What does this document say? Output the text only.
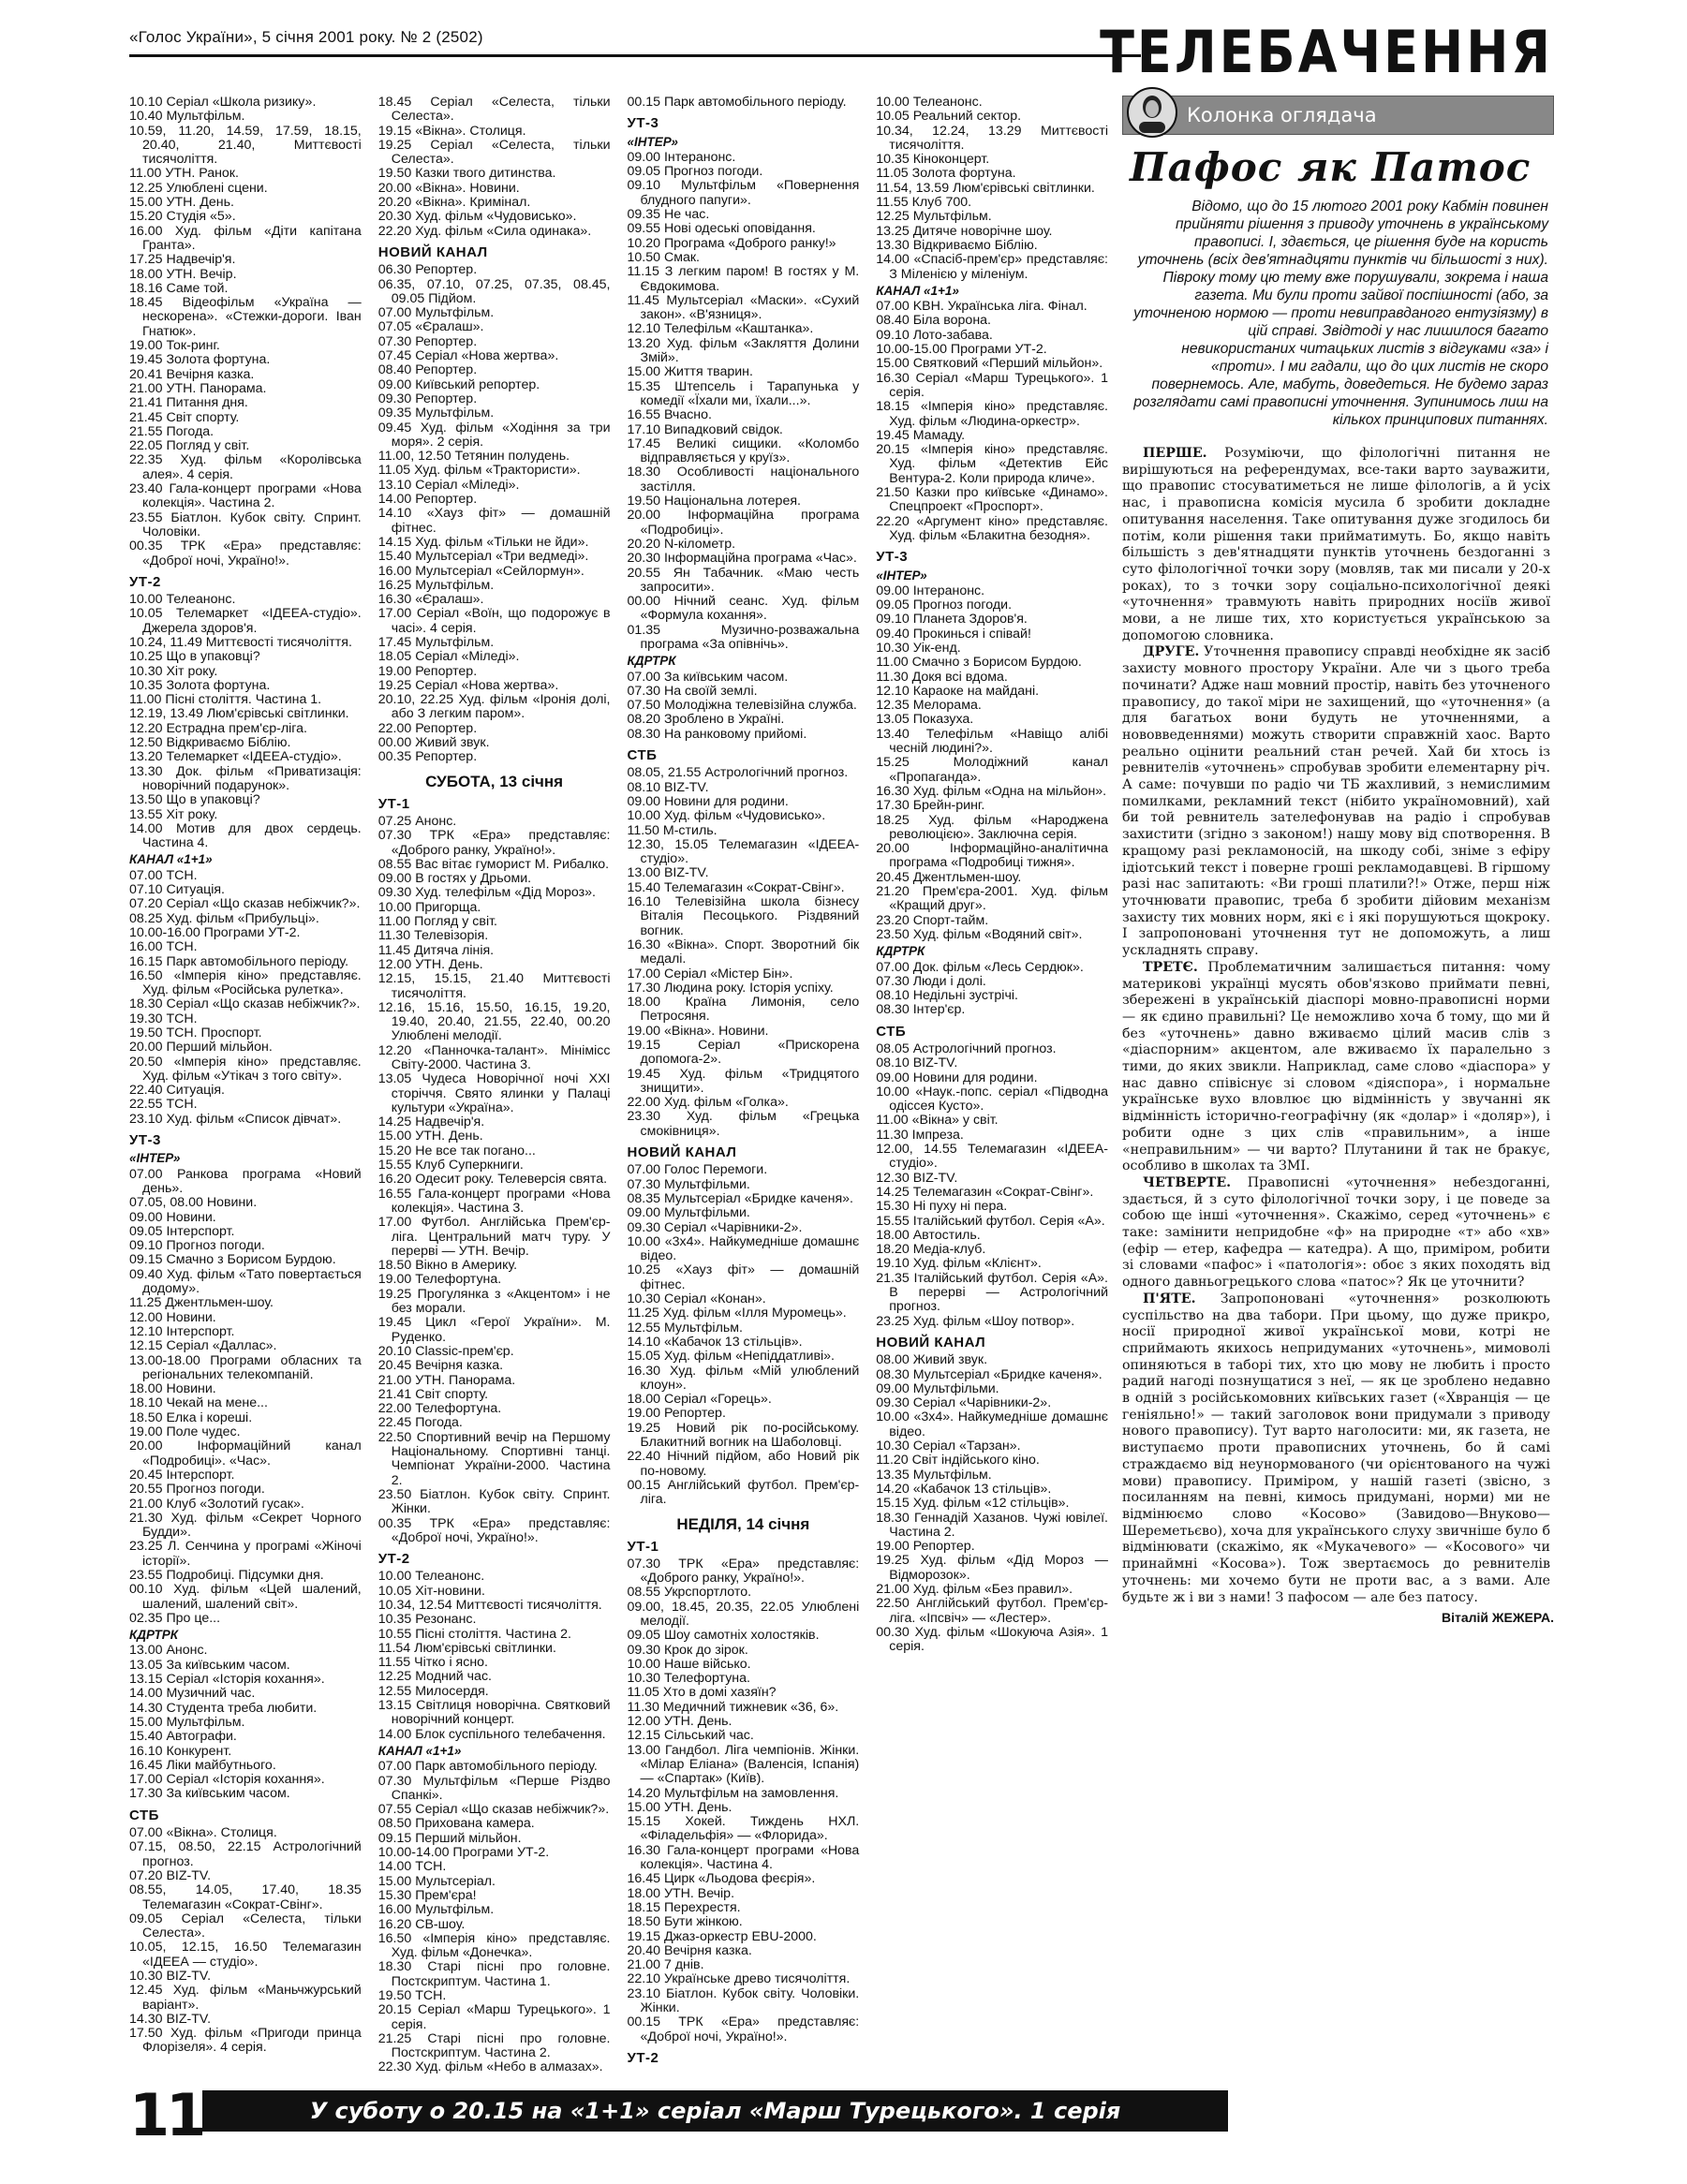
«Голос України», 5 січня 2001 року. № 2 (2502)	ТЕЛЕБАЧЕННЯ
10.10 Серіал «Школа ризику».
10.40 Мультфільм.
10.59, 11.20, 14.59, 17.59, 18.15, 20.40, 21.40, Миттєвості тисячоліття.
11.00 УТН. Ранок.
12.25 Улюблені сцени.
15.00 УТН. День.
15.20 Студія «5».
16.00 Худ. фільм «Діти капітана Гранта».
17.25 Надвечір'я.
18.00 УТН. Вечір.
18.16 Саме той.
18.45 Відеофільм «Україна — нескорена». «Стежки-дороги. Іван Гнатюк».
19.00 Ток-ринг.
19.45 Золота фортуна.
20.41 Вечірня казка.
21.00 УТН. Панорама.
21.41 Питання дня.
21.45 Світ спорту.
21.55 Погода.
22.05 Погляд у світ.
22.35 Худ. фільм «Королівська алея». 4 серія.
23.40 Гала-концерт програми «Нова колекція». Частина 2.
23.55 Біатлон. Кубок світу. Спринт. Чоловіки.
00.35 ТРК «Ера» представляє: «Доброї ночі, Україно!».
УТ-2
10.00 Телеанонс.
10.05 Телемаркет «ІДЕЕА-студіо». Джерела здоров'я.
10.24, 11.49 Миттєвості тисячоліття.
10.25 Що в упаковці?
10.30 Хіт року.
10.35 Золота фортуна.
11.00 Пісні століття. Частина 1.
12.19, 13.49 Люм'єрівські світлинки.
12.20 Естрадна прем'єр-ліга.
12.50 Відкриваємо Біблію.
13.20 Телемаркет «ІДЕЕА-студіо».
13.30 Док. фільм «Приватизація: новорічний подарунок».
13.50 Що в упаковці?
13.55 Хіт року.
14.00 Мотив для двох сердець. Частина 4.
КАНАЛ «1+1»
07.00 ТСН.
07.10 Ситуація.
07.20 Серіал «Що сказав небіжчик?».
08.25 Худ. фільм «Прибульці».
10.00-16.00 Програми УТ-2.
16.00 ТСН.
16.15 Парк автомобільного періоду.
16.50 «Імперія кіно» представляє. Худ. фільм «Російська рулетка».
18.30 Серіал «Що сказав небіжчик?».
19.30 ТСН.
19.50 ТСН. Проспорт.
20.00 Перший мільйон.
20.50 «Імперія кіно» представляє. Худ. фільм «Утікач з того світу».
22.40 Ситуація.
22.55 ТСН.
23.10 Худ. фільм «Список дівчат».
УТ-3
«ІНТЕР»
07.00 Ранкова програма «Новий день».
07.05, 08.00 Новини.
09.00 Новини.
09.05 Інтерспорт.
09.10 Прогноз погоди.
09.15 Смачно з Борисом Бурдою.
09.40 Худ. фільм «Тато повертається додому».
11.25 Джентльмен-шоу.
12.00 Новини.
12.10 Інтерспорт.
12.15 Серіал «Даллас».
13.00-18.00 Програми обласних та регіональних телекомпаній.
18.00 Новини.
18.10 Чекай на мене...
18.50 Елка і кореші.
19.00 Поле чудес.
20.00 Інформаційний канал «Подробиці». «Час».
20.45 Інтерспорт.
20.55 Прогноз погоди.
21.00 Клуб «Золотий гусак».
21.30 Худ. фільм «Секрет Чорного Будди».
23.25 Л. Сенчина у програмі «Жіночі історії».
23.55 Подробиці. Підсумки дня.
00.10 Худ. фільм «Цей шалений, шалений, шалений світ».
02.35 Про це...
КДРТРК
13.00 Анонс.
13.05 За київським часом.
13.15 Серіал «Історія кохання».
14.00 Музичний час.
14.30 Студента треба любити.
15.00 Мультфільм.
15.40 Автографи.
16.10 Конкурент.
16.45 Ліки майбутнього.
17.00 Серіал «Історія кохання».
17.30 За київським часом.
СТБ
07.00 «Вікна». Столиця.
07.15, 08.50, 22.15 Астрологічний прогноз.
07.20 BIZ-TV.
08.55, 14.05, 17.40, 18.35 Телемагазин «Сократ-Свінг».
09.05 Серіал «Селеста, тільки Селеста».
10.05, 12.15, 16.50 Телемагазин «ІДЕЕА — студіо».
10.30 BIZ-TV.
12.45 Худ. фільм «Маньчжурський варіант».
14.30 BIZ-TV.
17.50 Худ. фільм «Пригоди принца Флорізеля». 4 серія.
18.45 Серіал «Селеста, тільки Селеста».
19.15 «Вікна». Столиця.
19.25 Серіал «Селеста, тільки Селеста».
19.50 Казки твого дитинства.
20.00 «Вікна». Новини.
20.20 «Вікна». Кримінал.
20.30 Худ. фільм «Чудовисько».
22.20 Худ. фільм «Сила одинака».
НОВИЙ КАНАЛ
06.30 Репортер.
06.35, 07.10, 07.25, 07.35, 08.45, 09.05 Підйом.
07.00 Мультфільм.
07.05 «Єралаш».
07.30 Репортер.
07.45 Серіал «Нова жертва».
08.40 Репортер.
09.00 Київський репортер.
09.30 Репортер.
09.35 Мультфільм.
09.45 Худ. фільм «Ходіння за три моря». 2 серія.
11.00, 12.50 Тетянин полудень.
11.05 Худ. фільм «Трактористи».
13.10 Серіал «Міледі».
14.00 Репортер.
14.10 «Хауз фіт» — домашній фітнес.
14.15 Худ. фільм «Тільки не йди».
15.40 Мультсеріал «Три ведмеді».
16.00 Мультсеріал «Сейлормун».
16.25 Мультфільм.
16.30 «Єралаш».
17.00 Серіал «Воїн, що подорожує в часі». 4 серія.
17.45 Мультфільм.
18.05 Серіал «Міледі».
19.00 Репортер.
19.25 Серіал «Нова жертва».
20.10, 22.25 Худ. фільм «Іронія долі, або З легким паром».
22.00 Репортер.
00.00 Живий звук.
00.35 Репортер.
СУБОТА, 13 січня
УТ-1
07.25 Анонс.
07.30 ТРК «Ера» представляє: «Доброго ранку, Україно!».
08.55 Вас вітає гуморист М. Рибалко.
09.00 В гостях у Дрьоми.
09.30 Худ. телефільм «Дід Мороз».
10.00 Пригорща.
11.00 Погляд у світ.
11.30 Телевізорія.
11.45 Дитяча лінія.
12.00 УТН. День.
12.15, 15.15, 21.40 Миттєвості тисячоліття.
12.16, 15.16, 15.50, 16.15, 19.20, 19.40, 20.40, 21.55, 22.40, 00.20 Улюблені мелодії.
12.20 «Панночка-талант». Мінімісс Світу-2000. Частина 3.
13.05 Чудеса Новорічної ночі XXI сторіччя. Свято ялинки у Палаці культури «Україна».
14.25 Надвечір'я.
15.00 УТН. День.
15.20 Не все так погано...
15.55 Клуб Суперкниги.
16.20 Одесит року. Телеверсія свята.
16.55 Гала-концерт програми «Нова колекція». Частина 3.
17.00 Футбол. Англійська Прем'єр-ліга. Центральний матч туру. У перерві — УТН. Вечір.
18.50 Вікно в Америку.
19.00 Телефортуна.
19.25 Прогулянка з «Акцентом» і не без морали.
19.45 Цикл «Герої України». М. Руденко.
20.10 Classic-прем'єр.
20.45 Вечірня казка.
21.00 УТН. Панорама.
21.41 Світ спорту.
22.00 Телефортуна.
22.45 Погода.
22.50 Спортивний вечір на Першому Національному. Спортивні танці. Чемпіонат України-2000. Частина 2.
23.50 Біатлон. Кубок світу. Спринт. Жінки.
00.35 ТРК «Ера» представляє: «Доброї ночі, Україно!».
УТ-2
10.00 Телеанонс.
10.05 Хіт-новини.
10.34, 12.54 Миттєвості тисячоліття.
10.35 Резонанс.
10.55 Пісні століття. Частина 2.
11.54 Люм'єрівські світлинки.
11.55 Чітко і ясно.
12.25 Модний час.
12.55 Милосердя.
13.15 Світлиця новорічна. Святковий новорічний концерт.
14.00 Блок суспільного телебачення.
КАНАЛ «1+1»
07.00 Парк автомобільного періоду.
07.30 Мультфільм «Перше Різдво Спанкі».
07.55 Серіал «Що сказав небіжчик?».
08.50 Прихована камера.
09.15 Перший мільйон.
10.00-14.00 Програми УТ-2.
14.00 ТСН.
15.00 Мультсеріал.
15.30 Прем'єра!
16.00 Мультфільм.
16.20 СВ-шоу.
16.50 «Імперія кіно» представляє. Худ. фільм «Донечка».
18.30 Старі пісні про головне. Постскриптум. Частина 1.
19.50 ТСН.
20.15 Серіал «Марш Турецького». 1 серія.
21.25 Старі пісні про головне. Постскриптум. Частина 2.
22.30 Худ. фільм «Небо в алмазах».
00.15 Парк автомобільного періоду.
УТ-3
«ІНТЕР»
09.00 Інтеранонс.
09.05 Прогноз погоди.
09.10 Мультфільм «Повернення блудного папуги».
09.35 Не час.
09.55 Нові одеські оповідання.
10.20 Програма «Доброго ранку!»
10.50 Смак.
11.15 З легким паром! В гостях у М. Євдокимова.
11.45 Мультсеріал «Маски». «Сухий закон». «В'язниця».
12.10 Телефільм «Каштанка».
13.20 Худ. фільм «Закляття Долини Змій».
15.00 Життя тварин.
15.35 Штепсель і Тарапунька у комедії «Їхали ми, їхали...».
16.55 Вчасно.
17.10 Випадковий свідок.
17.45 Великі сищики. «Коломбо відправляється у круїз».
18.30 Особливості національного застілля.
19.50 Національна лотерея.
20.00 Інформаційна програма «Подробиці».
20.20 N-кілометр.
20.30 Інформаційна програма «Час».
20.55 Ян Табачник. «Маю честь запросити».
00.00 Нічний сеанс. Худ. фільм «Формула кохання».
01.35 Музично-розважальна програма «За опівнічь».
КДРТРК
07.00 За київським часом.
07.30 На своїй землі.
07.50 Молодіжна телевізійна служба.
08.20 Зроблено в Україні.
08.30 На ранковому прийомі.
СТБ
08.05, 21.55 Астрологічний прогноз.
08.10 BIZ-TV.
09.00 Новини для родини.
10.00 Худ. фільм «Чудовисько».
11.50 М-стиль.
12.30, 15.05 Телемагазин «ІДЕЕА-студіо».
13.00 BIZ-TV.
15.40 Телемагазин «Сократ-Свінг».
16.10 Телевізійна школа бізнесу Віталія Песоцького. Різдвяний вогник.
16.30 «Вікна». Спорт. Зворотний бік медалі.
17.00 Серіал «Містер Бін».
17.30 Людина року. Історія успіху.
18.00 Країна Лимонія, село Петросяня.
19.00 «Вікна». Новини.
19.15 Серіал «Прискорена допомога-2».
19.45 Худ. фільм «Тридцятого знищити».
22.00 Худ. фільм «Голка».
23.30 Худ. фільм «Грецька смоківниця».
НОВИЙ КАНАЛ
07.00 Голос Перемоги.
07.30 Мультфільми.
08.35 Мультсеріал «Бридке каченя».
09.00 Мультфільми.
09.30 Серіал «Чарівники-2».
10.00 «3х4». Найкумедніше домашнє відео.
10.25 «Хауз фіт» — домашній фітнес.
10.30 Серіал «Конан».
11.25 Худ. фільм «Ілля Муромець».
12.55 Мультфільм.
14.10 «Кабачок 13 стільців».
15.05 Худ. фільм «Непіддатливі».
16.30 Худ. фільм «Мій улюблений клоун».
18.00 Серіал «Горець».
19.00 Репортер.
19.25 Новий рік по-російському. Блакитний вогник на Шаболовці.
22.40 Нічний підйом, або Новий рік по-новому.
00.15 Англійський футбол. Прем'єр-ліга.
НЕДІЛЯ, 14 січня
УТ-1
07.30 ТРК «Ера» представляє: «Доброго ранку, Україно!».
08.55 Укрспортлото.
09.00, 18.45, 20.35, 22.05 Улюблені мелодії.
09.05 Шоу самотніх холостяків.
09.30 Крок до зірок.
10.00 Наше військо.
10.30 Телефортуна.
11.05 Хто в домі хазяїн?
11.30 Медичний тижневик «36, 6».
12.00 УТН. День.
12.15 Сільський час.
13.00 Гандбол. Ліга чемпіонів. Жінки. «Мілар Еліана» (Валенсія, Іспанія) — «Спартак» (Київ).
14.20 Мультфільм на замовлення.
15.00 УТН. День.
15.15 Хокей. Тиждень НХЛ. «Філадельфія» — «Флорида».
16.30 Гала-концерт програми «Нова колекція». Частина 4.
16.45 Цирк «Льодова феєрія».
18.00 УТН. Вечір.
18.15 Перехрестя.
18.50 Бути жінкою.
19.15 Джаз-оркестр EBU-2000.
20.40 Вечірня казка.
21.00 7 днів.
22.10 Українське древо тисячоліття.
23.10 Біатлон. Кубок світу. Чоловіки. Жінки.
00.15 ТРК «Ера» представляє: «Доброї ночі, Україно!».
УТ-2
10.00 Телеанонс.
10.05 Реальний сектор.
10.34, 12.24, 13.29 Миттєвості тисячоліття.
10.35 Кіноконцерт.
11.05 Золота фортуна.
11.54, 13.59 Люм'єрівські світлинки.
11.55 Клуб 700.
12.25 Мультфільм.
13.25 Дитяче новорічне шоу.
13.30 Відкриваємо Біблію.
14.00 «Спасіб-прем'єр» представляє: З Міленією у міленіум.
КАНАЛ «1+1»
07.00 KBH. Українська ліга. Фінал.
08.40 Біла ворона.
09.10 Лото-забава.
10.00-15.00 Програми УТ-2.
15.00 Святковий «Перший мільйон».
16.30 Серіал «Марш Турецького». 1 серія.
18.15 «Імперія кіно» представляє. Худ. фільм «Людина-оркестр».
19.45 Мамаду.
20.15 «Імперія кіно» представляє. Худ. фільм «Детектив Ейс Вентура-2. Коли природа кличе».
21.50 Казки про київське «Динамо». Спецпроект «Проспорт».
22.20 «Аргумент кіно» представляє. Худ. фільм «Блакитна безодня».
УТ-3
«ІНТЕР»
09.00 Інтеранонс.
09.05 Прогноз погоди.
09.10 Планета Здоров'я.
09.40 Прокинься і співай!
10.30 Уік-енд.
11.00 Смачно з Борисом Бурдою.
11.30 Докя всі вдома.
12.10 Караоке на майдані.
12.35 Мелорама.
13.05 Показуха.
13.40 Телефільм «Навіщо алібі чесній людині?».
15.25 Молодіжний канал «Пропаганда».
16.30 Худ. фільм «Одна на мільйон».
17.30 Брейн-ринг.
18.25 Худ. фільм «Народжена революцією». Заключна серія.
20.00 Інформаційно-аналітична програма «Подробиці тижня».
20.45 Джентльмен-шоу.
21.20 Прем'єра-2001. Худ. фільм «Кращий друг».
23.20 Спорт-тайм.
23.50 Худ. фільм «Водяний світ».
КДРТРК
07.00 Док. фільм «Лесь Сердюк».
07.30 Люди і долі.
08.10 Недільні зустрічі.
08.30 Інтер'єр.
СТБ
08.05 Астрологічний прогноз.
08.10 BIZ-TV.
09.00 Новини для родини.
10.00 «Наук.-попс. серіал «Підводна одіссея Кусто».
11.00 «Вікна» у світ.
11.30 Імпреза.
12.00, 14.55 Телемагазин «ІДЕЕА-студіо».
12.30 BIZ-TV.
14.25 Телемагазин «Сократ-Свінг».
15.30 Ні пуху ні пера.
15.55 Італійський футбол. Серія «А».
18.00 Автостиль.
18.20 Медіа-клуб.
19.10 Худ. фільм «Клієнт».
21.35 Італійський футбол. Серія «А». В перерві — Астрологічний прогноз.
23.25 Худ. фільм «Шоу потвор».
НОВИЙ КАНАЛ
08.00 Живий звук.
08.30 Мультсеріал «Бридке каченя».
09.00 Мультфільми.
09.30 Серіал «Чарівники-2».
10.00 «3х4». Найкумедніше домашнє відео.
10.30 Серіал «Тарзан».
11.20 Світ індійського кіно.
13.35 Мультфільм.
14.20 «Кабачок 13 стільців».
15.15 Худ. фільм «12 стільців».
18.30 Геннадій Хазанов. Чужі ювілеї. Частина 2.
19.00 Репортер.
19.25 Худ. фільм «Дід Мороз — Відморозок».
21.00 Худ. фільм «Без правил».
22.50 Англійський футбол. Прем'єр-ліга. «Іпсвіч» — «Лестер».
00.30 Худ. фільм «Шокуюча Азія». 1 серія.
Колонка оглядача
Пафос як Патос
Відомо, що до 15 лютого 2001 року Кабмін повинен прийняти рішення з приводу уточнень в українському правописі. І, здається, це рішення буде на користь уточнень (всіх дев'ятнадцяти пунктів чи більшості з них). Півроку тому цю тему вже порушували, зокрема і наша газета. Ми були проти зайвої поспішності (або, за уточненою нормою — проти невиправданого ентузіязму) в цій справі. Звідтоді у нас лишилося багато невикористаних читацьких листів з відгуками «за» і «проти». І ми гадали, що до цих листів не скоро повернемось. Але, мабуть, доведеться. Не будемо зараз розглядати самі правописні уточнення. Зупинимось лиш на кількох принципових питаннях.

ПЕРШЕ. Розуміючи, що філологічні питання не вирішуються на референдумах, все-таки варто зауважити, що правопис стосуватиметься не лише філологів, а й усіх нас, і правописна комісія мусила б зробити докладне опитування населення. Таке опитування дуже згодилось би потім, коли рішення таки прийматимуть. Бо, якщо навіть більшість з дев'ятнадцяти пунктів уточнень бездоганні з суто філологічної точки зору (мовляв, так ми писали у 20-х роках), то з точки зору соціально-психологічної деякі «уточнення» травмують навіть природних носіїв живої мови, а не лише тих, хто користується українською за допомогою словника.

ДРУГЕ. Уточнення правопису справді необхідне як засіб захисту мовного простору України. Але чи з цього треба починати? Адже наш мовний простір, навіть без уточненого правопису, до такої міри не захищений, що «уточнення» (а для багатьох вони будуть не уточненнями, а нововведеннями) можуть створити справжній хаос. Варто реально оцінити реальний стан речей. Хай би хтось із ревнителів «уточнень» спробував зробити елементарну річ. А саме: почувши по радіо чи ТБ жахливий, з немислимим помилками, рекламний текст (нібито україномовний), хай би той ревнитель зателефонував на радіо і спробував захистити (згідно з законом!) нашу мову від спотворення. В кращому разі рекламоносій, на шкоду собі, зніме з ефіру ідіотський текст і поверне гроші рекламодавцеві. В гіршому разі нас запитають: «Ви гроші платили?!» Отже, перш ніж уточнювати правопис, треба б зробити дійовим механізм захисту тих мовних норм, які є і які порушуються щокроку. І запропоновані уточнення тут не допоможуть, а лиш ускладнять справу.

ТРЕТЄ. Проблематичним залишається питання: чому материкові українці мусять обов'язково приймати певні, збережені в українській діаспорі мовно-правописні норми — як єдино правильні? Це неможливо хоча б тому, що ми й без «уточнень» давно вживаємо цілий масив слів з «діаспорним» акцентом, але вживаємо їх паралельно з тими, до яких звикли. Наприклад, саме слово «діаспора» у нас давно співіснує зі словом «діяспора», і нормальне українське вухо вловлює цю відмінність у звучанні як відмінність історично-географічну (як «долар» і «доляр»), і робити одне з цих слів «правильним», а інше «неправильним» — чи варто? Плутанини й так не бракує, особливо в школах та ЗМІ.

ЧЕТВЕРТЕ. Правописні «уточнення» небездоганні, здається, й з суто філологічної точки зору, і це поведе за собою ще інші «уточнення». Скажімо, серед «уточнень» є таке: замінити непридобне «ф» на природне «т» або «хв» (ефір — етер, кафедра — катедра). А що, приміром, робити зі словами «пафос» і «патологія»: обоє з яких походять від одного давньогрецького слова «патос»? Як це уточнити?

П'ЯТЕ. Запропоновані «уточнення» розколюють суспільство на два табори. При цьому, що дуже прикро, носії природної живої української мови, котрі не сприймають якихось непридуманих «уточнень», мимоволі опиняються в таборі тих, хто цю мову не любить і просто радий нагоді познущатися з неї, — як це зроблено недавно в одній з російськомовних київських газет («Хвранція — це геніяльно!» — такий заголовок вони придумали з приводу нового правопису). Тут варто наголосити: ми, як газета, не виступаємо проти правописних уточнень, бо й самі страждаємо від неунормованого (чи орієнтованого на чужі мови) правопису. Приміром, у нашій газеті (звісно, з посиланням на певні, кимось придумані, норми) ми не відмінюємо слово «Косово» (Завидово—Внуково—Шереметьєво), хоча для українського слуху звичніше було б відмінювати (скажімо, як «Мукачевого» — «Косового» чи принаймні «Косова»). Тож звертаємось до ревнителів уточнень: ми хочемо бути не проти вас, а з вами. Але будьте ж і ви з нами! З пафосом — але без патосу.

Віталій ЖЕЖЕРА.
11	У суботу о 20.15 на «1+1» серіал «Марш Турецького». 1 серія
